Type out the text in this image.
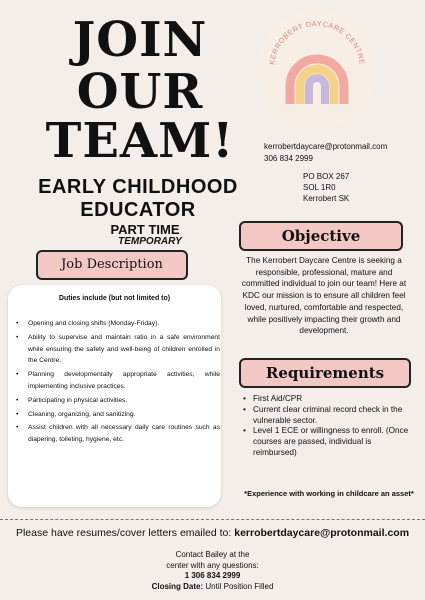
JOIN
OUR
TEAM!
EARLY CHILDHOOD
EDUCATOR
PART TIME
TEMPORARY
KERROBERT DAYCARE CENTRE
kerrobertdaycare@protonmail.com
306 834 2999
PO BOX 267
SOL 1R0
Kerrobert SK
Objective
The Kerrobert Daycare Centre is seeking a responsible, professional, mature and committed individual to join our team! Here at KDC our mission is to ensure all children feel loved, nurtured, comfortable and respected, while positively impacting their growth and development.
Job Description
Duties include (but not limited to)
• Opening and closing shifts (Monday-Friday).
• Ability to supervise and maintain ratio in a safe environment while ensuring the safety and well-being of children enrolled in the Centre.
• Planning developmentally appropriate activities, while implementing inclusive practices.
• Participating in physical activities.
• Cleaning, organizing, and sanitizing.
• Assist children with all necessary daily care routines such as diapering, toileting, hygiene, etc.
Requirements
• First Aid/CPR
• Current clear criminal record check in the vulnerable sector.
• Level 1 ECE or willingness to enroll. (Once courses are passed, individual is reimbursed)
*Experience with working in childcare an asset*
Please have resumes/cover letters emailed to: kerrobertdaycare@protonmail.com
Contact Bailey at the
center with any questions:
1 306 834 2999
Closing Date: Until Position Filled
